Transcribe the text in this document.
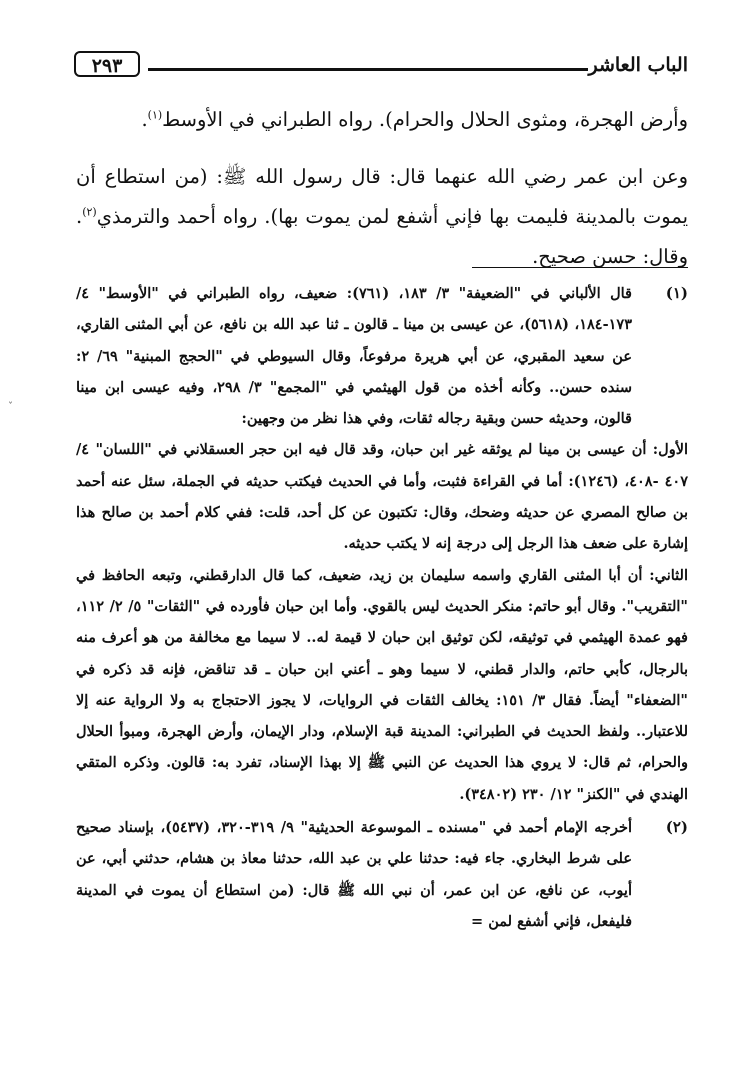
الباب العاشر
٢٩٣

وأرض الهجرة، ومثوى الحلال والحرام). رواه الطبراني في الأوسط$^{(١)}$.

وعن ابن عمر رضي الله عنهما قال: قال رسول الله ﷺ: (من استطاع أن يموت بالمدينة فليمت بها فإني أشفع لمن يموت بها). رواه أحمد والترمذي$^{(٢)}$. وقال: حسن صحيح.

(١)

قال الألباني في "الضعيفة" ٣/ ١٨٣، (٧٦١): ضعيف، رواه الطبراني في "الأوسط" ٤/ ١٧٣-١٨٤، (٥٦١٨)، عن عيسى بن مينا ـ قالون ـ ثنا عبد الله بن نافع، عن أبي المثنى القاري، عن سعيد المقبري، عن أبي هريرة مرفوعاً، وقال السيوطي في "الحجج المبنية" ٦٩/ ٢: سنده حسن.. وكأنه أخذه من قول الهيثمي في "المجمع" ٣/ ٢٩٨، وفيه عيسى ابن مينا قالون، وحديثه حسن وبقية رجاله ثقات، وفي هذا نظر من وجهين:

الأول: أن عيسى بن مينا لم يوثقه غير ابن حبان، وقد قال فيه ابن حجر العسقلاني في "اللسان" ٤/ ٤٠٧ -٤٠٨، (١٢٤٦): أما في القراءة فثبت، وأما في الحديث فيكتب حديثه في الجملة، سئل عنه أحمد بن صالح المصري عن حديثه وضحك، وقال: تكتبون عن كل أحد، قلت: ففي كلام أحمد بن صالح هذا إشارة على ضعف هذا الرجل إلى درجة إنه لا يكتب حديثه.

الثاني: أن أبا المثنى القاري واسمه سليمان بن زيد، ضعيف، كما قال الدارقطني، وتبعه الحافظ في "التقريب". وقال أبو حاتم: منكر الحديث ليس بالقوي. وأما ابن حبان فأورده في "الثقات" ٥/ ٢/ ١١٢، فهو عمدة الهيثمي في توثيقه، لكن توثيق ابن حبان لا قيمة له.. لا سيما مع مخالفة من هو أعرف منه بالرجال، كأبي حاتم، والدار قطني، لا سيما وهو ـ أعني ابن حبان ـ قد تناقض، فإنه قد ذكره في "الضعفاء" أيضاً. فقال ٣/ ١٥١: يخالف الثقات في الروايات، لا يجوز الاحتجاج به ولا الرواية عنه إلا للاعتبار.. ولفظ الحديث في الطبراني: المدينة قبة الإسلام، ودار الإيمان، وأرض الهجرة، ومبوأ الحلال والحرام، ثم قال: لا يروي هذا الحديث عن النبي ﷺ إلا بهذا الإسناد، تفرد به: قالون. وذكره المتقي الهندي في "الكنز" ١٢/ ٢٣٠ (٣٤٨٠٢).

(٢)

أخرجه الإمام أحمد في "مسنده ـ الموسوعة الحديثية" ٩/ ٣١٩-٣٢٠، (٥٤٣٧)، بإسناد صحيح على شرط البخاري. جاء فيه: حدثنا علي بن عبد الله، حدثنا معاذ بن هشام، حدثني أبي، عن أيوب، عن نافع، عن ابن عمر، أن نبي الله ﷺ قال: (من استطاع أن يموت في المدينة فليفعل، فإني أشفع لمن =

ˇ
